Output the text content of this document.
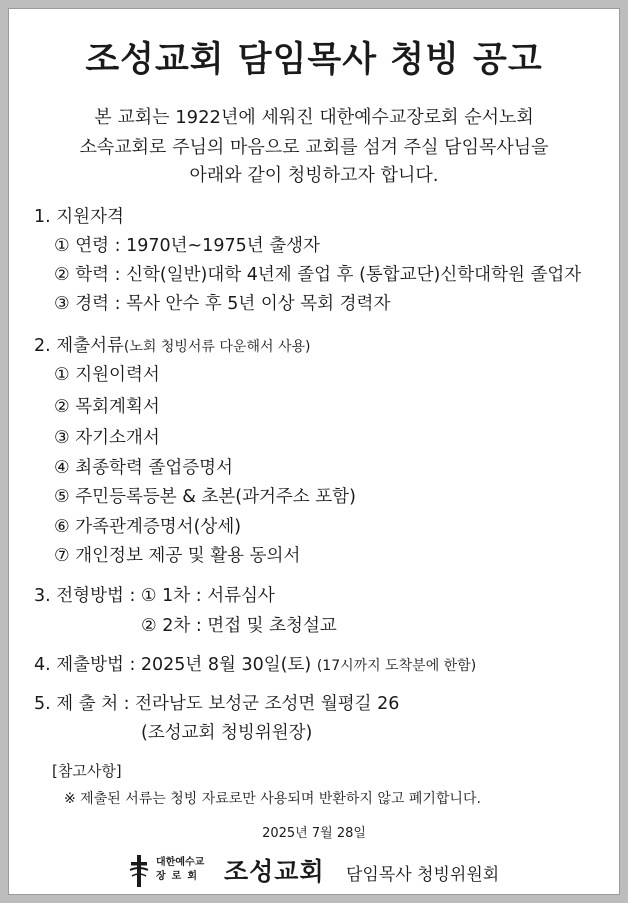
조성교회 담임목사 청빙 공고
본 교회는 1922년에 세워진 대한예수교장로회 순서노회
소속교회로 주님의 마음으로 교회를 섬겨 주실 담임목사님을
아래와 같이 청빙하고자 합니다.
1. 지원자격
① 연령 : 1970년~1975년 출생자
② 학력 : 신학(일반)대학 4년제 졸업 후 (통합교단)신학대학원 졸업자
③ 경력 : 목사 안수 후 5년 이상 목회 경력자
2. 제출서류(노회 청빙서류 다운해서 사용)
① 지원이력서
② 목회계획서
③ 자기소개서
④ 최종학력 졸업증명서
⑤ 주민등록등본 & 초본(과거주소 포함)
⑥ 가족관계증명서(상세)
⑦ 개인정보 제공 및 활용 동의서
3. 전형방법 : ① 1차 : 서류심사
② 2차 : 면접 및 초청설교
4. 제출방법 : 2025년 8월 30일(토) (17시까지 도착분에 한함)
5. 제 출 처 : 전라남도 보성군 조성면 월평길 26
(조성교회 청빙위원장)
[참고사항]
※ 제출된 서류는 청빙 자료로만 사용되며 반환하지 않고 폐기합니다.
2025년 7월 28일
대한예수교
장로회 조성교회 담임목사 청빙위원회
